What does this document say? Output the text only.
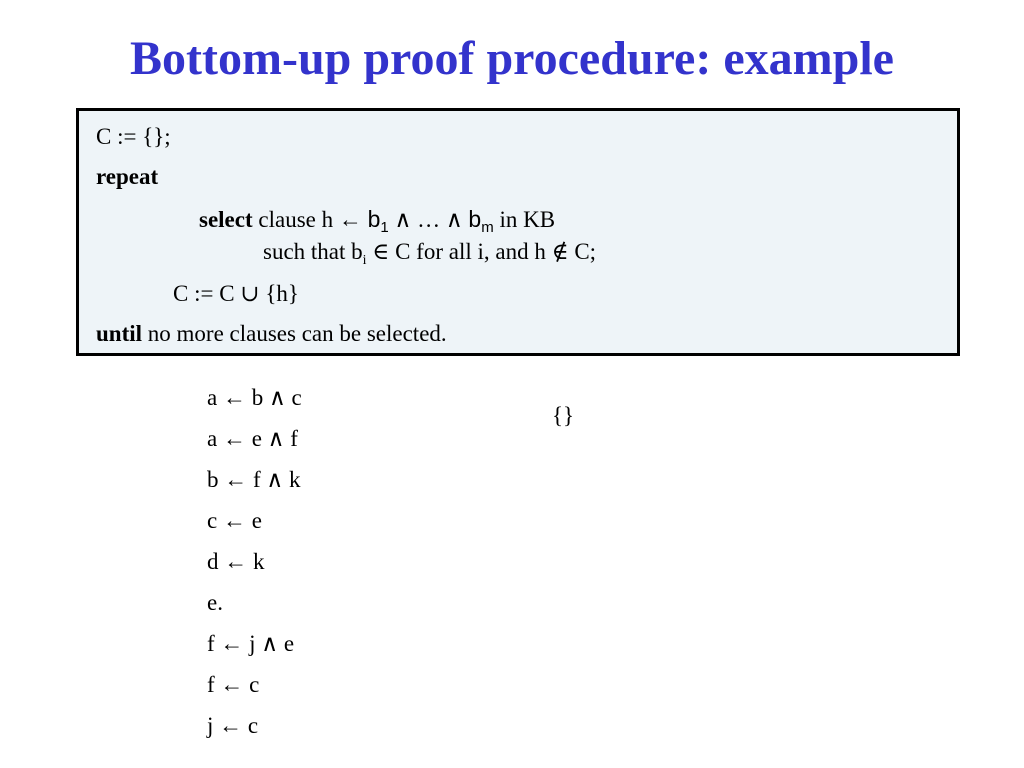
Bottom-up proof procedure: example
C := {};
repeat
select clause h ← $b_1$ ∧ … ∧ $b_m$ in KB
such that $b_i$ ∈ C for all i, and h ∉ C;
C := C ∪ {h}
until no more clauses can be selected.
a ← b ∧ c
a ← e ∧ f
b ← f ∧ k
c ← e
d ← k
e.
f ← j ∧ e
f ← c
j ← c
{}
